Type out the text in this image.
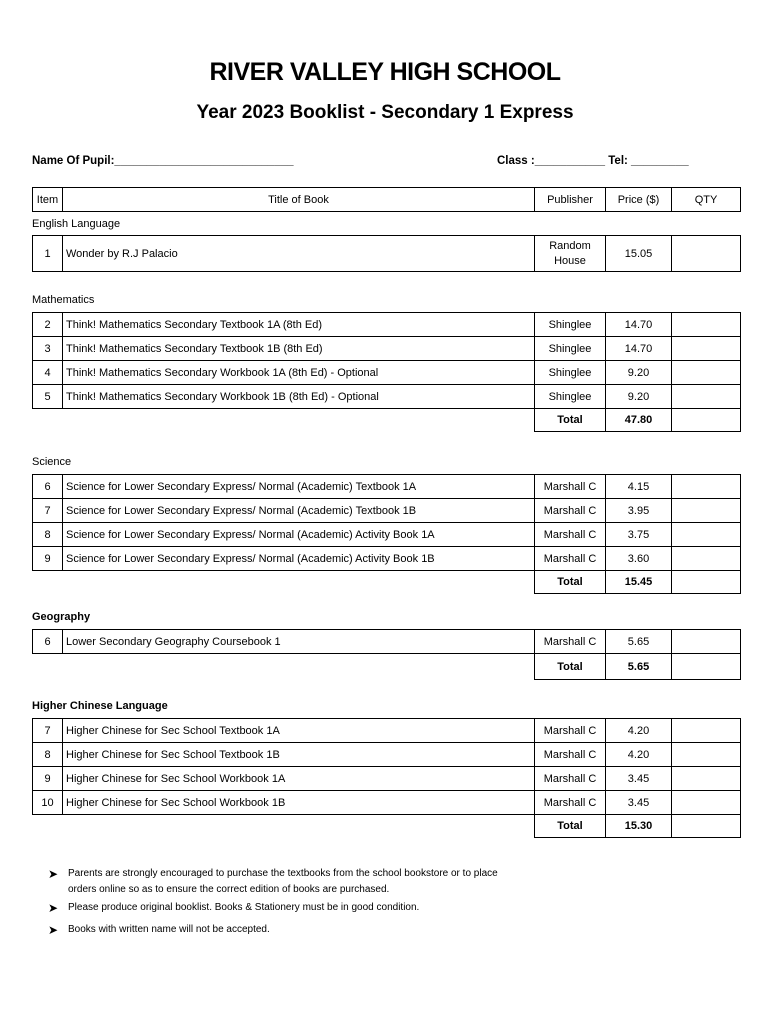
RIVER VALLEY HIGH SCHOOL
Year 2023 Booklist - Secondary 1 Express
Name Of Pupil:____________________________	Class :___________ Tel: _________
Item	Title of Book	Publisher	Price ($)	QTY
English Language
1	Wonder by R.J Palacio	Random House	15.05	
Mathematics
2	Think! Mathematics Secondary Textbook 1A (8th Ed)	Shinglee	14.70	
3	Think! Mathematics Secondary Textbook 1B (8th Ed)	Shinglee	14.70	
4	Think! Mathematics Secondary Workbook 1A (8th Ed) - Optional	Shinglee	9.20	
5	Think! Mathematics Secondary Workbook 1B (8th Ed) - Optional	Shinglee	9.20	
		Total	47.80	
Science
6	Science for Lower Secondary Express/ Normal (Academic) Textbook 1A	Marshall C	4.15	
7	Science for Lower Secondary Express/ Normal (Academic) Textbook 1B	Marshall C	3.95	
8	Science for Lower Secondary Express/ Normal (Academic) Activity Book 1A	Marshall C	3.75	
9	Science for Lower Secondary Express/ Normal (Academic) Activity Book 1B	Marshall C	3.60	
		Total	15.45	
Geography
6	Lower Secondary Geography Coursebook 1	Marshall C	5.65	
		Total	5.65	
Higher Chinese Language
7	Higher Chinese for Sec School Textbook 1A	Marshall C	4.20	
8	Higher Chinese for Sec School Textbook 1B	Marshall C	4.20	
9	Higher Chinese for Sec School Workbook 1A	Marshall C	3.45	
10	Higher Chinese for Sec School Workbook 1B	Marshall C	3.45	
		Total	15.30	
➤ Parents are strongly encouraged to purchase the textbooks from the school bookstore or to place orders online so as to ensure the correct edition of books are purchased.
➤ Please produce original booklist. Books & Stationery must be in good condition.
➤ Books with written name will not be accepted.
